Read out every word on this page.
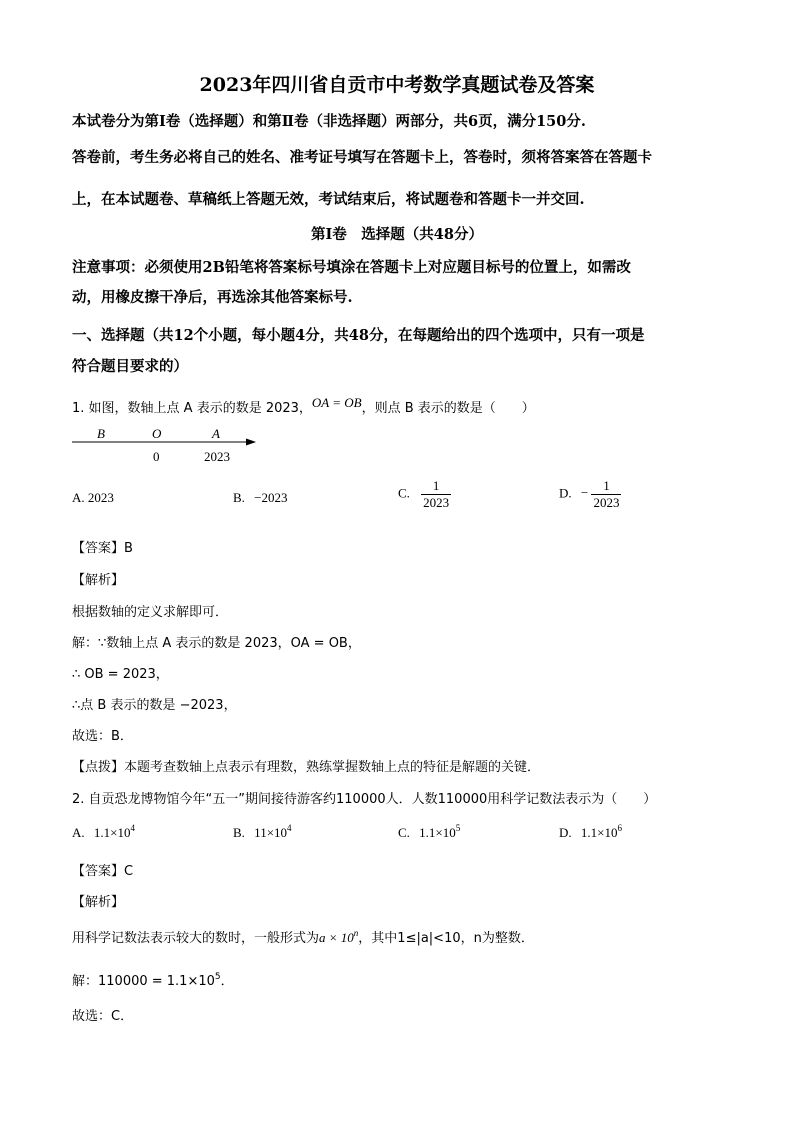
2023年四川省自贡市中考数学真题试卷及答案
本试卷分为第Ⅰ卷（选择题）和第Ⅱ卷（非选择题）两部分，共6页，满分150分.
答卷前，考生务必将自己的姓名、准考证号填写在答题卡上，答卷时，须将答案答在答题卡
上，在本试题卷、草稿纸上答题无效，考试结束后，将试题卷和答题卡一并交回.
第Ⅰ卷　选择题（共48分）
注意事项：必须使用2B铅笔将答案标号填涂在答题卡上对应题目标号的位置上，如需改
动，用橡皮擦干净后，再选涂其他答案标号.
一、选择题（共12个小题，每小题4分，共48分，在每题给出的四个选项中，只有一项是
符合题目要求的）
1. 如图，数轴上点 A 表示的数是 2023，OA = OB，则点 B 表示的数是（　　）
B	O	A
0	2023
A. 2023	B. −2023	C. $\frac{1}{2023}$	D. − $\frac{1}{2023}$
【答案】B
【解析】
根据数轴的定义求解即可．
解：∵数轴上点 A 表示的数是 2023，OA = OB，
∴ OB = 2023，
∴点 B 表示的数是 −2023，
故选：B．
【点拨】本题考查数轴上点表示有理数，熟练掌握数轴上点的特征是解题的关键．
2. 自贡恐龙博物馆今年“五一”期间接待游客约110000人．人数110000用科学记数法表示为（　　）
A. $1.1\times 10^4$	B. $11\times 10^4$	C. $1.1\times 10^5$	D. $1.1\times 10^6$
【答案】C
【解析】
用科学记数法表示较大的数时，一般形式为$a \times 10^n$，其中1≤|a|<10，n为整数．
解：$110000 = 1.1\times 10^5$．
故选：C．
